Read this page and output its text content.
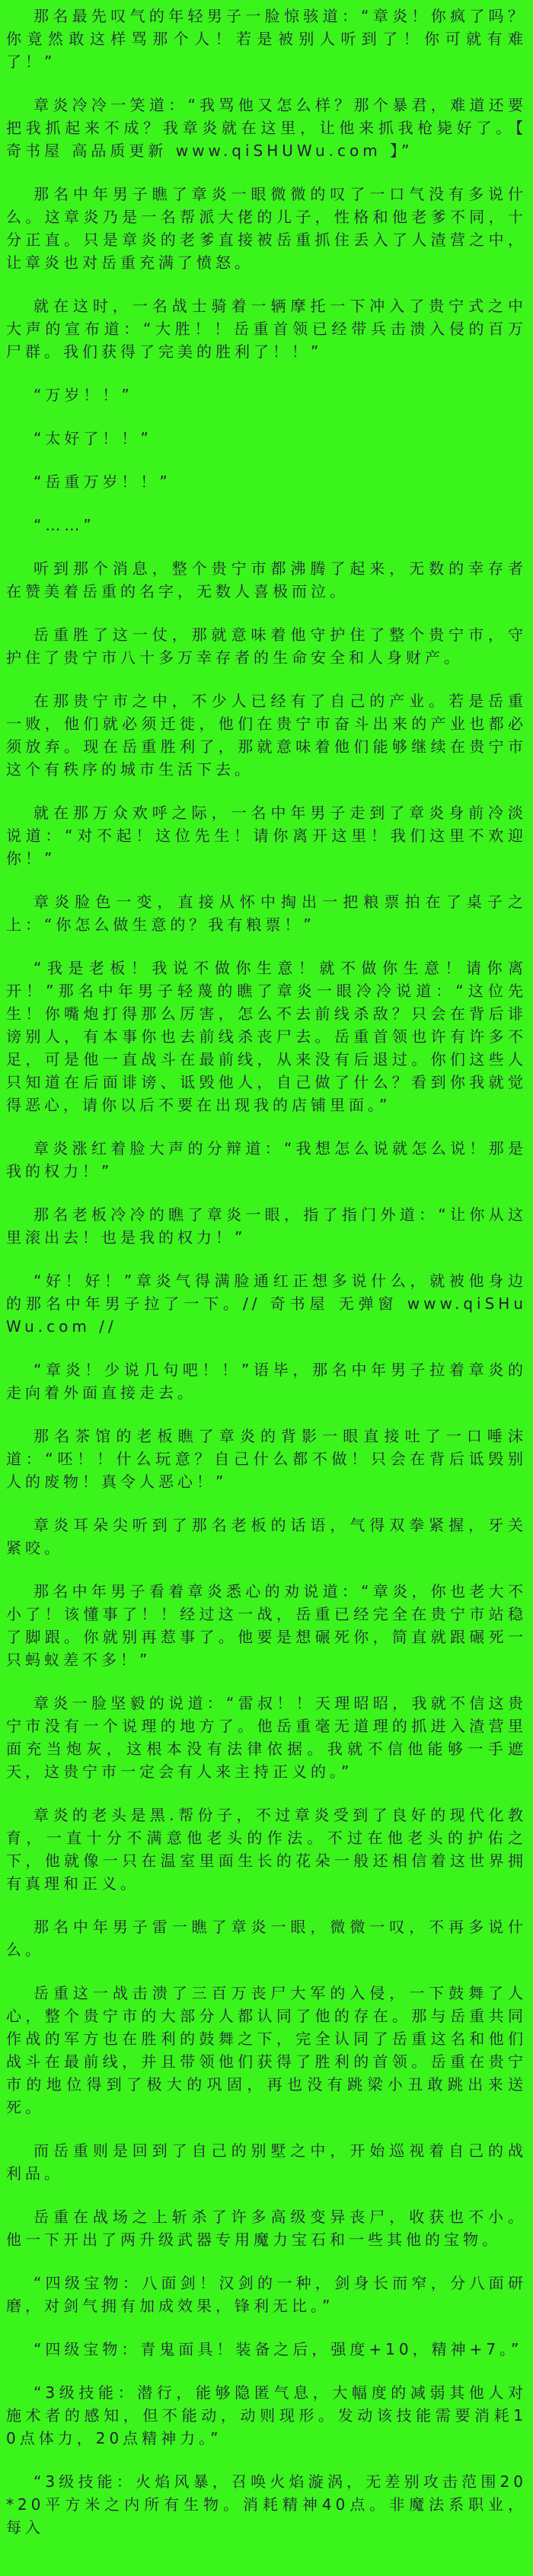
那名最先叹气的年轻男子一脸惊骇道：“章炎！你疯了吗？你竟然敢这样骂那个人！若是被别人听到了！你可就有难了！”

章炎冷冷一笑道：“我骂他又怎么样？那个暴君，难道还要把我抓起来不成？我章炎就在这里，让他来抓我枪毙好了。【 奇书屋 高品质更新 www.qiSHUWu.com 】”

那名中年男子瞧了章炎一眼微微的叹了一口气没有多说什么。这章炎乃是一名帮派大佬的儿子，性格和他老爹不同，十分正直。只是章炎的老爹直接被岳重抓住丢入了人渣营之中，让章炎也对岳重充满了愤怒。

就在这时，一名战士骑着一辆摩托一下冲入了贵宁式之中大声的宣布道：“大胜！！岳重首领已经带兵击溃入侵的百万尸群。我们获得了完美的胜利了！！”

“万岁！！”

“太好了！！”

“岳重万岁！！”

“……”

听到那个消息，整个贵宁市都沸腾了起来，无数的幸存者在赞美着岳重的名字，无数人喜极而泣。

岳重胜了这一仗，那就意味着他守护住了整个贵宁市，守护住了贵宁市八十多万幸存者的生命安全和人身财产。

在那贵宁市之中，不少人已经有了自己的产业。若是岳重一败，他们就必须迁徙，他们在贵宁市奋斗出来的产业也都必须放弃。现在岳重胜利了，那就意味着他们能够继续在贵宁市这个有秩序的城市生活下去。

就在那万众欢呼之际，一名中年男子走到了章炎身前冷淡说道：“对不起！这位先生！请你离开这里！我们这里不欢迎你！”

章炎脸色一变，直接从怀中掏出一把粮票拍在了桌子之上：“你怎么做生意的？我有粮票！”

“我是老板！我说不做你生意！就不做你生意！请你离开！”那名中年男子轻蔑的瞧了章炎一眼冷冷说道：“这位先生！你嘴炮打得那么厉害，怎么不去前线杀敌？只会在背后诽谤别人，有本事你也去前线杀丧尸去。岳重首领也许有许多不足，可是他一直战斗在最前线，从来没有后退过。你们这些人只知道在后面诽谤、诋毁他人，自己做了什么？看到你我就觉得恶心，请你以后不要在出现我的店铺里面。”

章炎涨红着脸大声的分辩道：“我想怎么说就怎么说！那是我的权力！”

那名老板冷冷的瞧了章炎一眼，指了指门外道：“让你从这里滚出去！也是我的权力！”

“好！好！”章炎气得满脸通红正想多说什么，就被他身边的那名中年男子拉了一下。// 奇书屋 无弹窗 www.qiSHuWu.com //

“章炎！少说几句吧！！”语毕，那名中年男子拉着章炎的走向着外面直接走去。

那名茶馆的老板瞧了章炎的背影一眼直接吐了一口唾沫道：“呸！！什么玩意？自己什么都不做！只会在背后诋毁别人的废物！真令人恶心！”

章炎耳朵尖听到了那名老板的话语，气得双拳紧握，牙关紧咬。

那名中年男子看着章炎悉心的劝说道：“章炎，你也老大不小了！该懂事了！！经过这一战，岳重已经完全在贵宁市站稳了脚跟。你就别再惹事了。他要是想碾死你，简直就跟碾死一只蚂蚁差不多！”

章炎一脸坚毅的说道：“雷叔！！天理昭昭，我就不信这贵宁市没有一个说理的地方了。他岳重毫无道理的抓进入渣营里面充当炮灰，这根本没有法律依据。我就不信他能够一手遮天，这贵宁市一定会有人来主持正义的。”

章炎的老头是黑.帮份子，不过章炎受到了良好的现代化教育，一直十分不满意他老头的作法。不过在他老头的护佑之下，他就像一只在温室里面生长的花朵一般还相信着这世界拥有真理和正义。

那名中年男子雷一瞧了章炎一眼，微微一叹，不再多说什么。

岳重这一战击溃了三百万丧尸大军的入侵，一下鼓舞了人心，整个贵宁市的大部分人都认同了他的存在。那与岳重共同作战的军方也在胜利的鼓舞之下，完全认同了岳重这名和他们战斗在最前线，并且带领他们获得了胜利的首领。岳重在贵宁市的地位得到了极大的巩固，再也没有跳梁小丑敢跳出来送死。

而岳重则是回到了自己的别墅之中，开始巡视着自己的战利品。

岳重在战场之上斩杀了许多高级变异丧尸，收获也不小。他一下开出了两升级武器专用魔力宝石和一些其他的宝物。

“四级宝物：八面剑！汉剑的一种，剑身长而窄，分八面研磨，对剑气拥有加成效果，锋利无比。”

“四级宝物：青鬼面具！装备之后，强度+10，精神+7。”

“3级技能：潜行，能够隐匿气息，大幅度的减弱其他人对施术者的感知，但不能动，动则现形。发动该技能需要消耗10点体力，20点精神力。”

“3级技能：火焰风暴，召唤火焰漩涡，无差别攻击范围20*20平方米之内所有生物。消耗精神40点。非魔法系职业，每入
